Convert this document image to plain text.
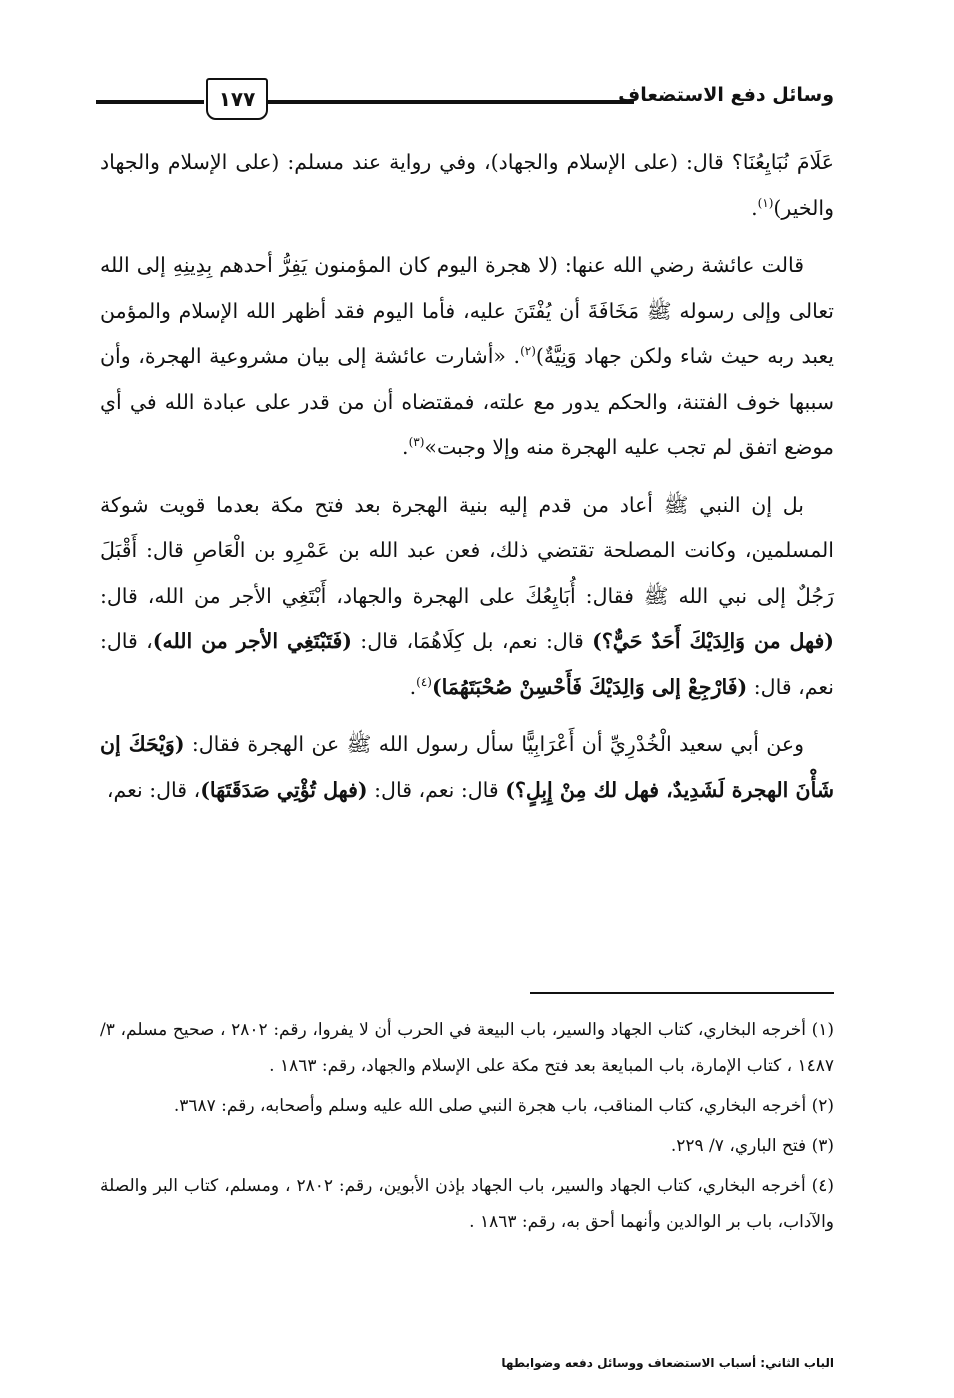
وسائل دفع الاستضعاف
١٧٧

عَلَامَ نُبَايِعُنَا؟ قال: (على الإسلام والجهاد)، وفي رواية عند مسلم: (على الإسلام والجهاد والخير)$^{(١)}$.

قالت عائشة رضي الله عنها: (لا هجرة اليوم كان المؤمنون يَفِرُّ أحدهم بِدِينِهِ إلى الله تعالى وإلى رسوله ﷺ مَخَافَةَ أن يُفْتَنَ عليه، فأما اليوم فقد أظهر الله الإسلام والمؤمن يعبد ربه حيث شاء ولكن جهاد وَنِيَّةٌ)$^{(٢)}$. «أشارت عائشة إلى بيان مشروعية الهجرة، وأن سببها خوف الفتنة، والحكم يدور مع علته، فمقتضاه أن من قدر على عبادة الله في أي موضع اتفق لم تجب عليه الهجرة منه وإلا وجبت»$^{(٣)}$.

بل إن النبي ﷺ أعاد من قدم إليه بنية الهجرة بعد فتح مكة بعدما قويت شوكة المسلمين، وكانت المصلحة تقتضي ذلك، فعن عبد الله بن عَمْرِو بن الْعَاصِ قال: أَقْبَلَ رَجُلٌ إلى نبي الله ﷺ فقال: أُبَايِعُكَ على الهجرة والجهاد، أَبْتَغِي الأجر من الله، قال: (فهل من وَالِدَيْكَ أَحَدٌ حَيٌّ؟) قال: نعم، بل كِلَاهُمَا، قال: (فَتَبْتَغِي الأجر من الله)، قال: نعم، قال: (فَارْجِعْ إلى وَالِدَيْكَ فَأَحْسِنْ صُحْبَتَهُمَا)$^{(٤)}$.

وعن أبي سعيد الْخُدْرِيِّ أن أَعْرَابِيًّا سأل رسول الله ﷺ عن الهجرة فقال: (وَيْحَكَ إن شَأْنَ الهجرة لَشَدِيدٌ، فهل لك مِنْ إِبِلٍ؟) قال: نعم، قال: (فهل تُؤْتِي صَدَقَتَهَا)، قال: نعم،

(١) أخرجه البخاري، كتاب الجهاد والسير، باب البيعة في الحرب أن لا يفروا، رقم: ٢٨٠٢ ، صحيح مسلم، ٣/ ١٤٨٧ ، كتاب الإمارة، باب المبايعة بعد فتح مكة على الإسلام والجهاد، رقم: ١٨٦٣ .

(٢) أخرجه البخاري، كتاب المناقب، باب هجرة النبي صلى الله عليه وسلم وأصحابه، رقم: ٣٦٨٧.

(٣) فتح الباري، ٧/ ٢٢٩.

(٤) أخرجه البخاري، كتاب الجهاد والسير، باب الجهاد بإذن الأبوين، رقم: ٢٨٠٢ ، ومسلم، كتاب البر والصلة والآداب، باب بر الوالدين وأنهما أحق به، رقم: ١٨٦٣ .

الباب الثاني: أسباب الاستضعاف ووسائل دفعه وضوابطها
